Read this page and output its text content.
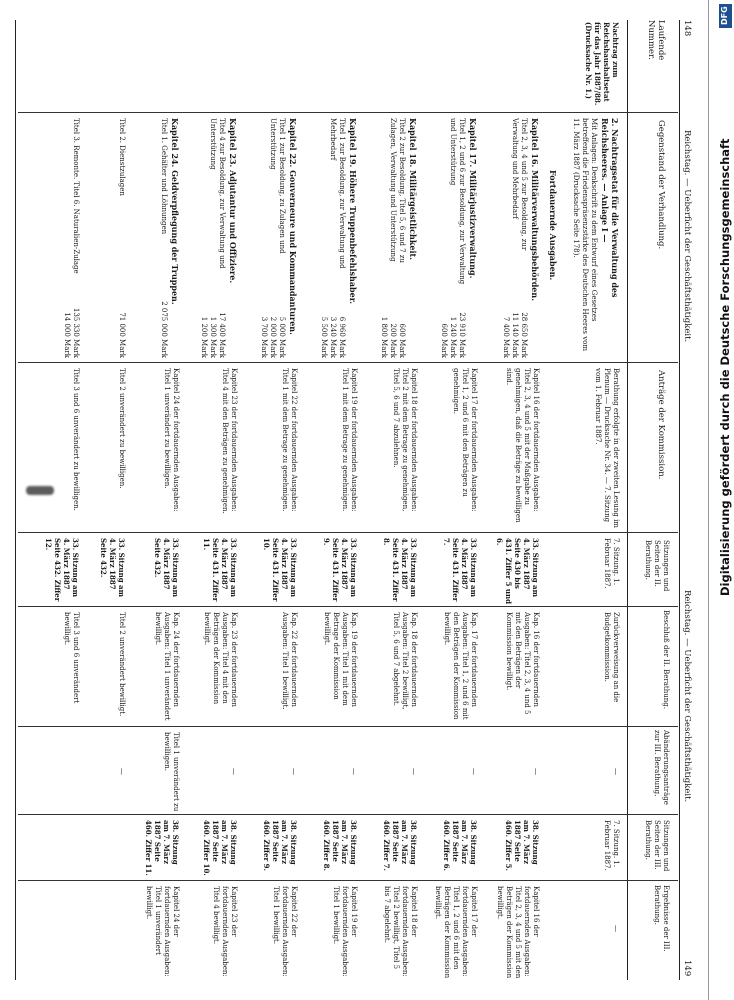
148
Reichstag. — Ueberficht der Geschäftsthätigkeit.
Reichstag. — Ueberficht der Geschäftsthätigkeit.
149
Laufende Nummer.
Gegenstand der Verhandlung.
Anträge der Kommission.
Sitzungen und Seiten der II. Berathung.
Beschluß der II. Berathung.
Abänderungsanträge zur III. Berathung.
Sitzungen und Seiten der III. Berathung.
Ergebnisse der III. Berathung.
Nachtrag zum Reichshaushaltsetat für das Jahr 1887/88. (Drucksache Nr. 1.)
2. Nachtragsetat für die Verwaltung des Reichsheeres. — Anlage I —
Mit Anlagen: Denkschrift zu dem Entwurf eines Gesetzes betreffend die Friedenspräsenzstärke des Deutschen Heeres vom 11. März 1887 (Drucksache Seite 178).
Berathung erfolgte in der zweiten Lesung im Plenum — Drucksache Nr. 34. — 7. Sitzung vom 1. Februar 1887.
7. Sitzung. 1. Februar 1887.
Zurückverweisung an die Budgetkommission.
—
7. Sitzung. 1. Februar 1887.
—
Fortdauernde Ausgaben.
Kapitel 16. Militärverwaltungsbehörden.
Titel 2, 3, 4 und 5 zur Besoldung, zur Verwaltung und Mehrbedarf
28 650 Mark
11 140 Mark
7 400 Mark
Kapitel 16 der fortdauernden Ausgaben: Titel 2, 3, 4 und 5 mit der Maßgabe zu genehmigen, daß die Beträge zu bewilligen sind.
33. Sitzung am 4. März 1887 Seite 430 bis 431. Ziffer 5 und 6.
Kap. 16 der fortdauernden Ausgaben: Titel 2, 3, 4 und 5 mit den Beträgen der Kommission bewilligt.
—
38. Sitzung am 7. März 1887 Seite 460. Ziffer 5.
Kapitel 16 der fortdauernden Ausgaben: Titel 2, 3, 4 und 5 mit den Beträgen der Kommission bewilligt.
Kapitel 17. Militärjustizverwaltung.
Titel 1, 2 und 6 zur Besoldung, zur Verwaltung und Unterstützung
23 910 Mark
1 240 Mark
600 Mark
Kapitel 17 der fortdauernden Ausgaben: Titel 1, 2 und 6 mit den Beträgen zu genehmigen.
33. Sitzung am 4. März 1887 Seite 431. Ziffer 7.
Kap. 17 der fortdauernden Ausgaben: Titel 1, 2 und 6 mit den Beträgen der Kommission bewilligt.
—
38. Sitzung am 7. März 1887 Seite 460. Ziffer 6.
Kapitel 17 der fortdauernden Ausgaben: Titel 1, 2 und 6 mit den Beträgen der Kommission bewilligt.
Kapitel 18. Militärgeistlichkeit.
Titel 2 zur Besoldung, Titel 5, 6 und 7 zu Zulagen, Verwaltung und Unterstützung
600 Mark
200 Mark
1 800 Mark
Kapitel 18 der fortdauernden Ausgaben: Titel 2 mit dem Betrage zu genehmigen, Titel 5, 6 und 7 abzulehnen.
33. Sitzung am 4. März 1887 Seite 431. Ziffer 8.
Kap. 18 der fortdauernden Ausgaben: Titel 2 bewilligt, Titel 5, 6 und 7 abgelehnt.
—
38. Sitzung am 7. März 1887 Seite 460. Ziffer 7.
Kapitel 18 der fortdauernden Ausgaben: Titel 2 bewilligt, Titel 5 bis 7 abgelehnt.
Kapitel 19. Höhere Truppenbefehlshaber.
Titel 1 zur Besoldung, zur Verwaltung und Mehrbedarf
6 960 Mark
3 240 Mark
5 500 Mark
Kapitel 19 der fortdauernden Ausgaben: Titel 1 mit dem Betrage zu genehmigen.
33. Sitzung am 4. März 1887 Seite 431. Ziffer 9.
Kap. 19 der fortdauernden Ausgaben: Titel 1 mit dem Betrage der Kommission bewilligt.
—
38. Sitzung am 7. März 1887 Seite 460. Ziffer 8.
Kapitel 19 der fortdauernden Ausgaben: Titel 1 bewilligt.
Kapitel 22. Gouverneure und Kommandanturen.
Titel 1 zur Besoldung, zu Zulagen und Unterstützung
5 000 Mark
2 000 Mark
3 700 Mark
Kapitel 22 der fortdauernden Ausgaben: Titel 1 mit dem Betrage zu genehmigen.
33. Sitzung am 4. März 1887 Seite 431. Ziffer 10.
Kap. 22 der fortdauernden Ausgaben: Titel 1 bewilligt.
—
38. Sitzung am 7. März 1887 Seite 460. Ziffer 9.
Kapitel 22 der fortdauernden Ausgaben: Titel 1 bewilligt.
Kapitel 23. Adjutantur und Offiziere.
Titel 4 zur Besoldung, zur Verwaltung und Unterstützung
17 400 Mark
1 300 Mark
1 200 Mark
Kapitel 23 der fortdauernden Ausgaben: Titel 4 mit den Beträgen zu genehmigen.
33. Sitzung am 4. März 1887 Seite 431. Ziffer 11.
Kap. 23 der fortdauernden Ausgaben: Titel 4 mit den Beträgen der Kommission bewilligt.
—
38. Sitzung am 7. März 1887 Seite 460. Ziffer 10.
Kapitel 23 der fortdauernden Ausgaben: Titel 4 bewilligt.
Kapitel 24. Geldverpflegung der Truppen.
Titel 1. Gehälter und Löhnungen
2 075 000 Mark
Kapitel 24 der fortdauernden Ausgaben: Titel 1 unverändert zu bewilligen.
33. Sitzung am 4. März 1887 Seite 432.
Kap. 24 der fortdauernden Ausgaben: Titel 1 unverändert bewilligt.
Titel 1 unverändert zu bewilligen.
38. Sitzung am 7. März 1887 Seite 460. Ziffer 11.
Kapitel 24 der fortdauernden Ausgaben: Titel 1 unverändert bewilligt.
Titel 2. Dienstzulagen
71 000 Mark
Titel 2 unverändert zu bewilligen.
33. Sitzung am 4. März 1887 Seite 432.
Titel 2 unverändert bewilligt.
—
Titel 3. Remonte. Titel 6. Naturalien-Zulage
135 330 Mark
14 000 Mark
Titel 3 und 6 unverändert zu bewilligen.
33. Sitzung am 4. März 1887 Seite 432. Ziffer 12.
Titel 3 und 6 unverändert bewilligt.
Digitalisierung gefördert durch die Deutsche Forschungsgemeinschaft
DFG
